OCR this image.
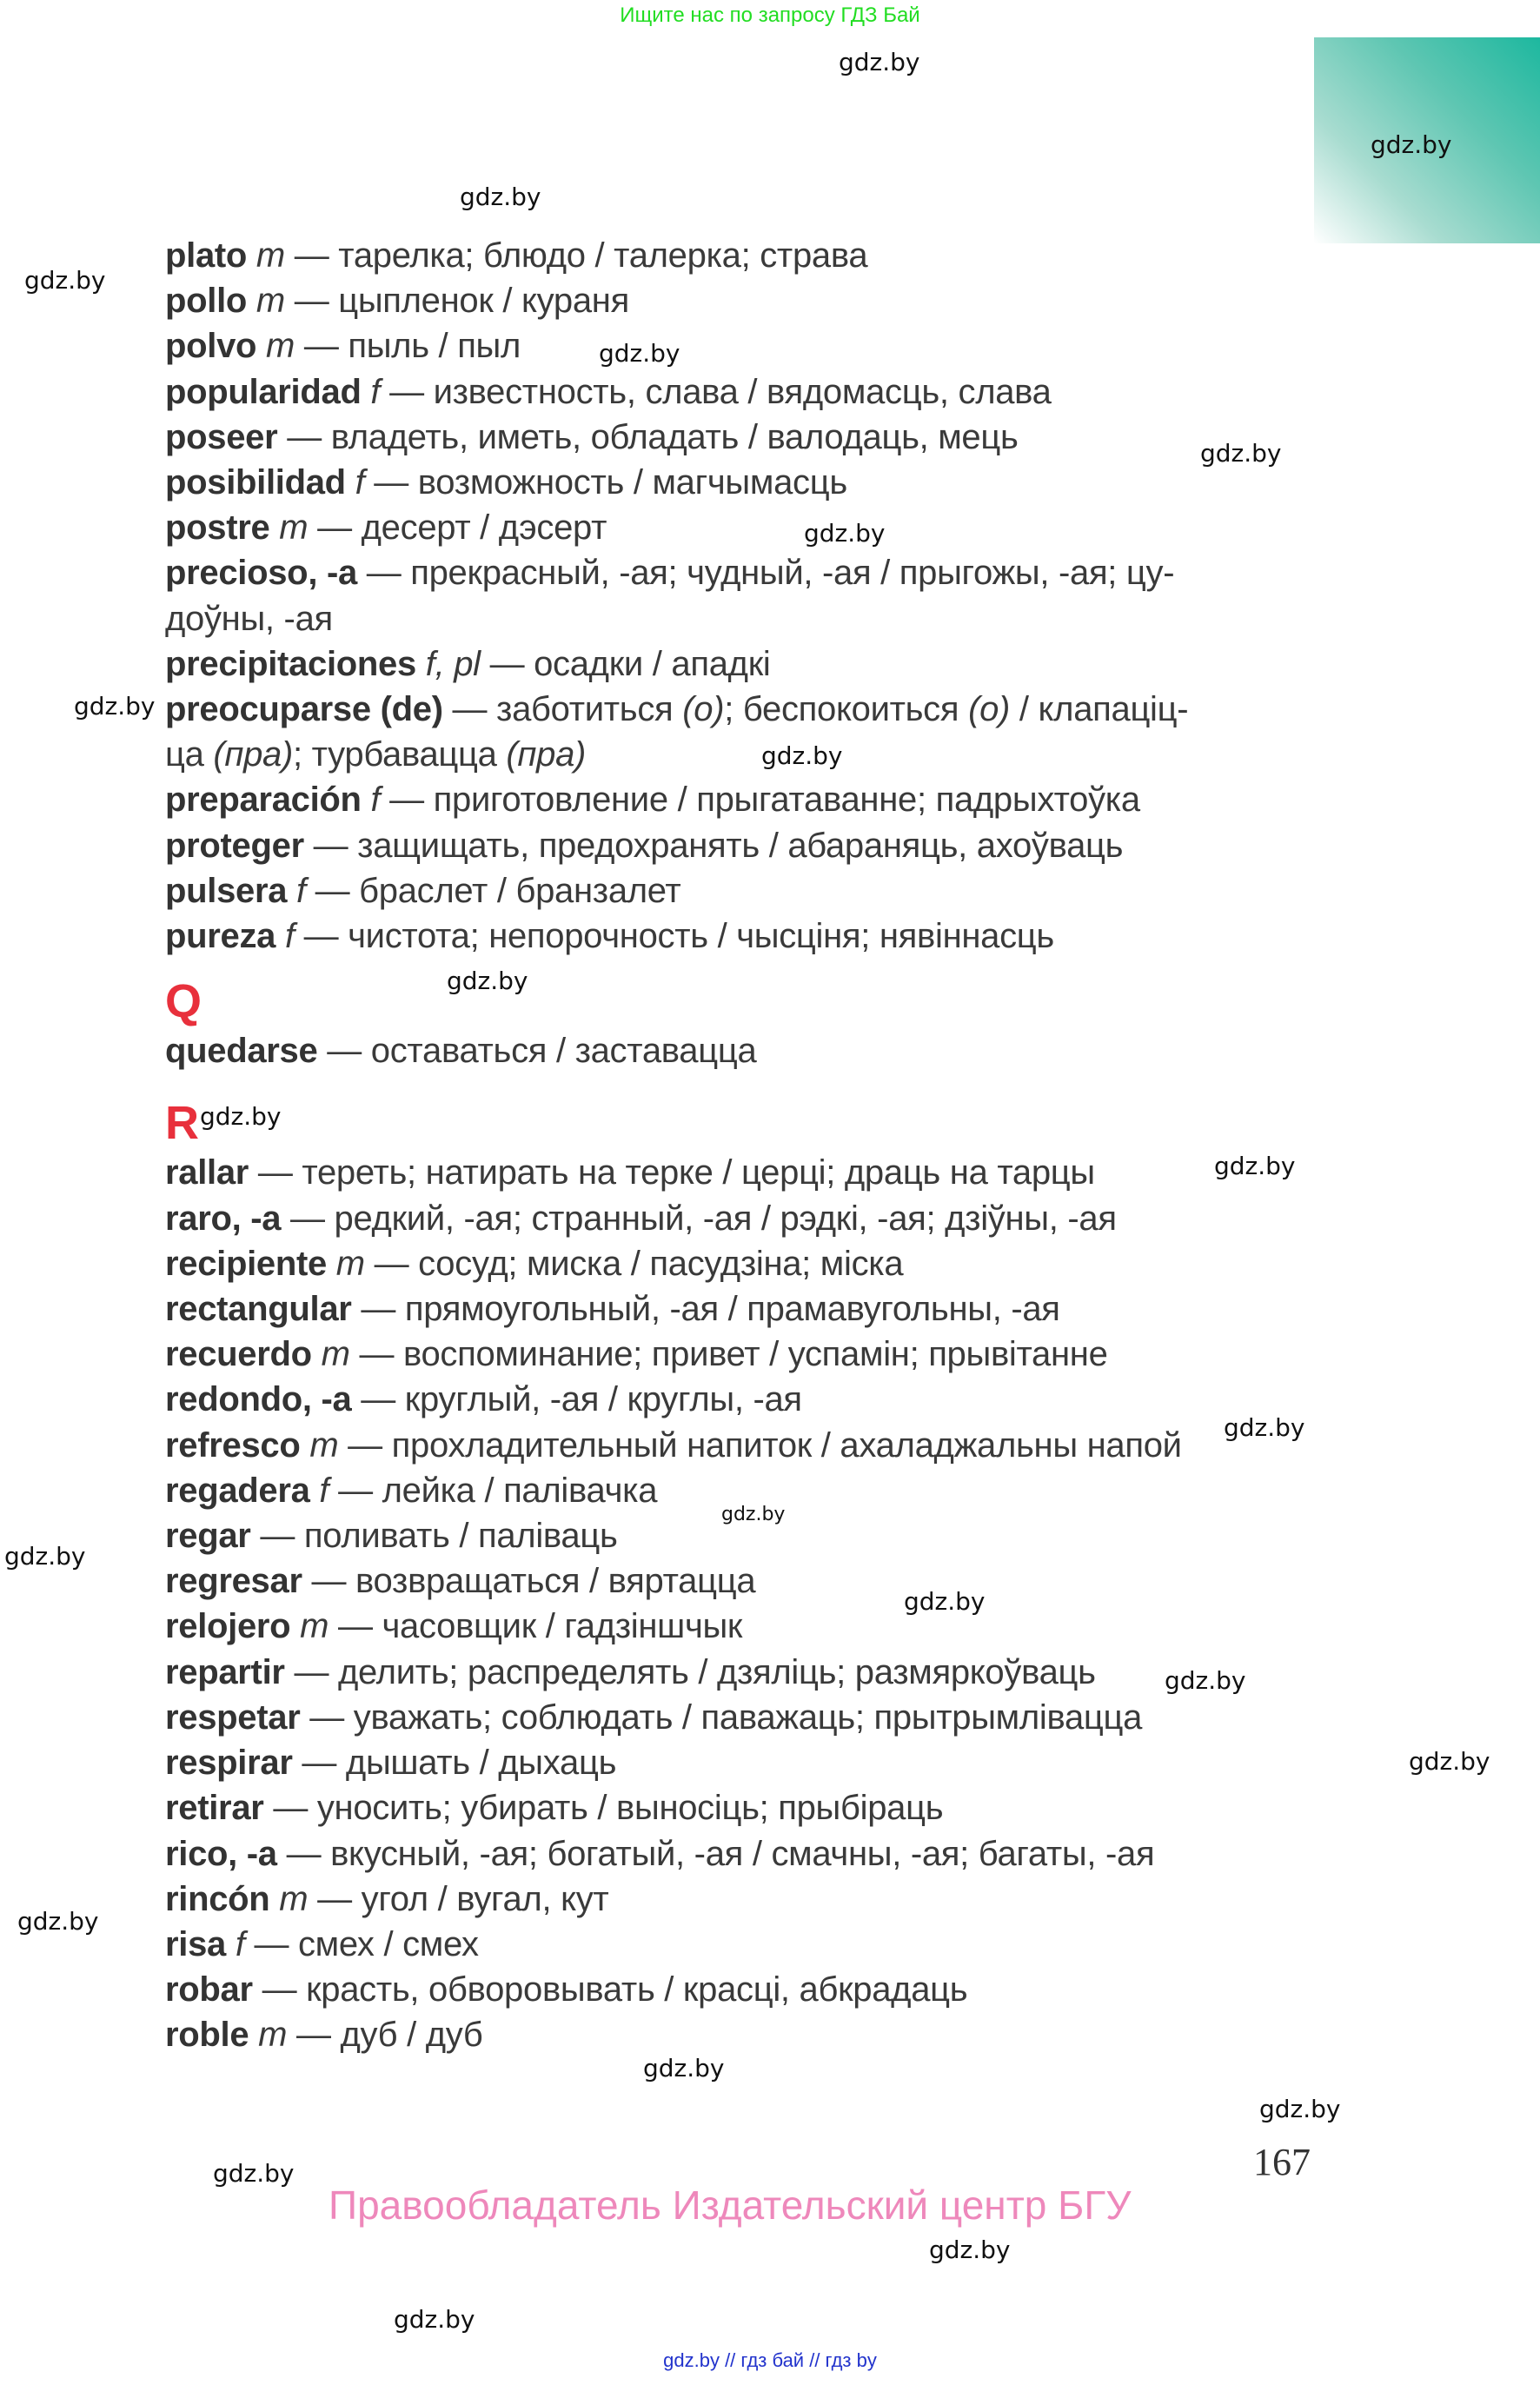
Ищите нас по запросу ГДЗ Бай
gdz.by
gdz.by
gdz.by
gdz.by
gdz.by
gdz.by
gdz.by
gdz.by
gdz.by
gdz.by
gdz.by
gdz.by
gdz.by
gdz.by
gdz.by
gdz.by
gdz.by
gdz.by
gdz.by
gdz.by
gdz.by
gdz.by
gdz.by
gdz.by
plato m — тарелка; блюдо / талерка; страва
pollo m — цыпленок / кураня
polvo m — пыль / пыл
popularidad f — известность, слава / вядомасць, слава
poseer — владеть, иметь, обладать / валодаць, мець
posibilidad f — возможность / магчымасць
postre m — десерт / дэсерт
precioso, -a — прекрасный, -ая; чудный, -ая / прыгожы, -ая; цу-
доўны, -ая
precipitaciones f, pl — осадки / ападкі
preocuparse (de) — заботиться (о); беспокоиться (о) / клапаціц-
ца (пра); турбавацца (пра)
preparación f — приготовление / прыгатаванне; падрыхтоўка
proteger — защищать, предохранять / абараняць, ахоўваць
pulsera f — браслет / бранзалет
pureza f — чистота; непорочность / чысціня; нявіннасць
Q
quedarse — оставаться / заставацца
R
rallar — тереть; натирать на терке / церці; драць на тарцы
raro, -a — редкий, -ая; странный, -ая / рэдкі, -ая; дзіўны, -ая
recipiente m — сосуд; миска / пасудзіна; міска
rectangular — прямоугольный, -ая / прамавугольны, -ая
recuerdo m — воспоминание; привет / успамін; прывітанне
redondo, -a — круглый, -ая / круглы, -ая
refresco m — прохладительный напиток / ахаладжальны напой
regadera f — лейка / палівачка
regar — поливать / паліваць
regresar — возвращаться / вяртацца
relojero m — часовщик / гадзіншчык
repartir — делить; распределять / дзяліць; размяркоўваць
respetar — уважать; соблюдать / паважаць; прытрымлівацца
respirar — дышать / дыхаць
retirar — уносить; убирать / выносіць; прыбіраць
rico, -a — вкусный, -ая; богатый, -ая / смачны, -ая; багаты, -ая
rincón m — угол / вугал, кут
risa f — смех / смех
robar — красть, обворовывать / красці, абкрадаць
roble m — дуб / дуб
167
Правообладатель Издательский центр БГУ
gdz.by // гдз бай // гдз by
